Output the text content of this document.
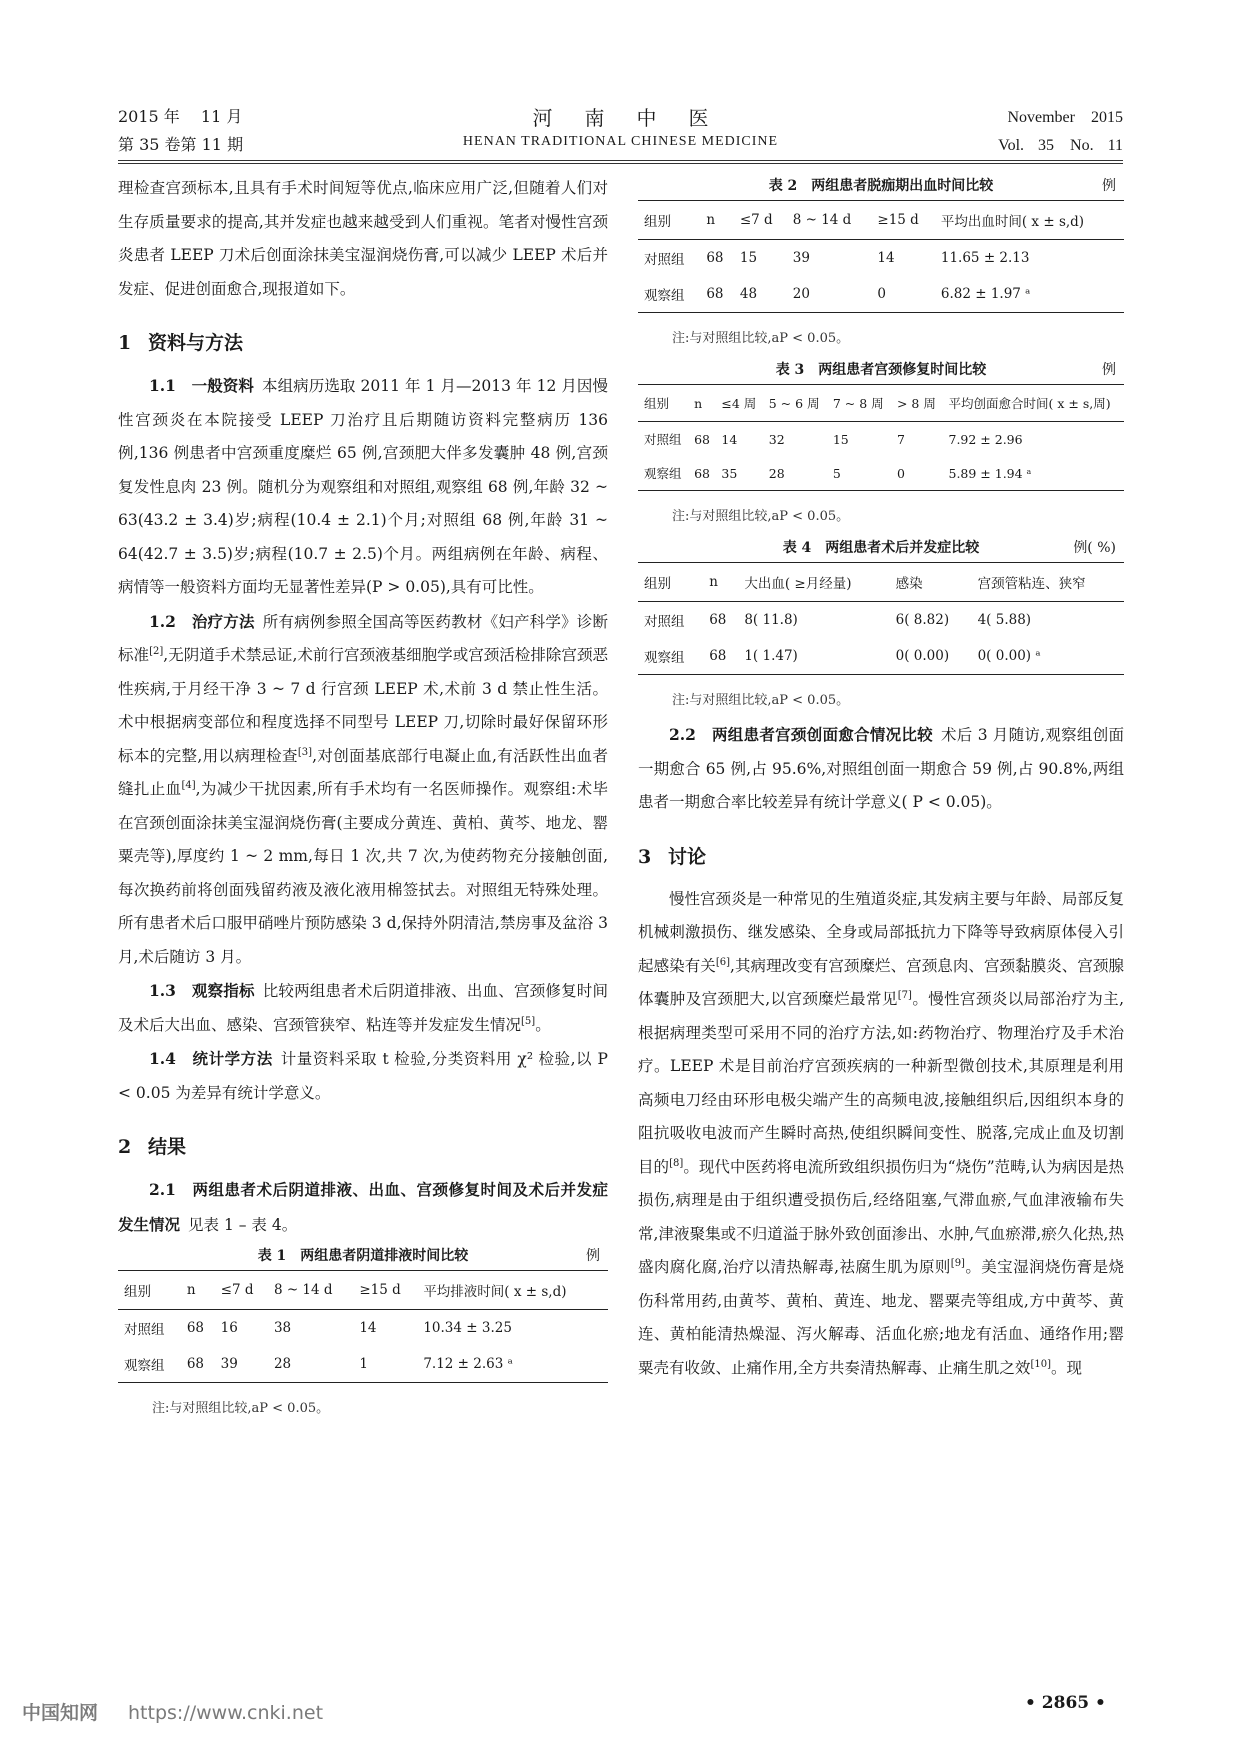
2015 年　 11 月
第 35 卷第 11 期
河南中医
HENAN TRADITIONAL CHINESE MEDICINE
November　2015
Vol. 35　No. 11

理检查宫颈标本,且具有手术时间短等优点,临床应用广泛,但随着人们对生存质量要求的提高,其并发症也越来越受到人们重视。笔者对慢性宫颈炎患者 LEEP 刀术后创面涂抹美宝湿润烧伤膏,可以减少 LEEP 术后并发症、促进创面愈合,现报道如下。

1 资料与方法

1.1　一般资料 本组病历选取 2011 年 1 月—2013 年 12 月因慢性宫颈炎在本院接受 LEEP 刀治疗且后期随访资料完整病历 136 例,136 例患者中宫颈重度糜烂 65 例,宫颈肥大伴多发囊肿 48 例,宫颈复发性息肉 23 例。随机分为观察组和对照组,观察组 68 例,年龄 32 ~ 63(43.2 ± 3.4)岁;病程(10.4 ± 2.1)个月;对照组 68 例,年龄 31 ~ 64(42.7 ± 3.5)岁;病程(10.7 ± 2.5)个月。两组病例在年龄、病程、病情等一般资料方面均无显著性差异(P > 0.05),具有可比性。

1.2　治疗方法 所有病例参照全国高等医药教材《妇产科学》诊断标准[2],无阴道手术禁忌证,术前行宫颈液基细胞学或宫颈活检排除宫颈恶性疾病,于月经干净 3 ~ 7 d 行宫颈 LEEP 术,术前 3 d 禁止性生活。术中根据病变部位和程度选择不同型号 LEEP 刀,切除时最好保留环形标本的完整,用以病理检查[3],对创面基底部行电凝止血,有活跃性出血者缝扎止血[4],为减少干扰因素,所有手术均有一名医师操作。观察组:术毕在宫颈创面涂抹美宝湿润烧伤膏(主要成分黄连、黄柏、黄芩、地龙、罂粟壳等),厚度约 1 ~ 2 mm,每日 1 次,共 7 次,为使药物充分接触创面,每次换药前将创面残留药液及液化液用棉签拭去。对照组无特殊处理。所有患者术后口服甲硝唑片预防感染 3 d,保持外阴清洁,禁房事及盆浴 3 月,术后随访 3 月。

1.3　观察指标 比较两组患者术后阴道排液、出血、宫颈修复时间及术后大出血、感染、宫颈管狭窄、粘连等并发症发生情况[5]。

1.4　统计学方法 计量资料采取 t 检验,分类资料用 χ² 检验,以 P < 0.05 为差异有统计学意义。

2 结果

2.1　两组患者术后阴道排液、出血、宫颈修复时间及术后并发症发生情况 见表 1 – 表 4。

表 1　两组患者阴道排液时间比较	例
组别	n	≤7 d	8 ~ 14 d	≥15 d	平均排液时间( x ± s,d)
对照组	68	16	38	14	10.34 ± 3.25
观察组	68	39	28	1	7.12 ± 2.63 ᵃ
注:与对照组比较,aP < 0.05。
表 2　两组患者脱痂期出血时间比较	例
组别	n	≤7 d	8 ~ 14 d	≥15 d	平均出血时间( x ± s,d)
对照组	68	15	39	14	11.65 ± 2.13
观察组	68	48	20	0	6.82 ± 1.97 ᵃ
注:与对照组比较,aP < 0.05。
表 3　两组患者宫颈修复时间比较	例
组别	n	≤4 周	5 ~ 6 周	7 ~ 8 周	> 8 周	平均创面愈合时间( x ± s,周)
对照组	68	14	32	15	7	7.92 ± 2.96
观察组	68	35	28	5	0	5.89 ± 1.94 ᵃ
注:与对照组比较,aP < 0.05。
表 4　两组患者术后并发症比较	例( %)
组别	n	大出血( ≥月经量)	感染	宫颈管粘连、狭窄
对照组	68	8( 11.8)	6( 8.82)	4( 5.88)
观察组	68	1( 1.47)	0( 0.00)	0( 0.00) ᵃ
注:与对照组比较,aP < 0.05。

2.2　两组患者宫颈创面愈合情况比较 术后 3 月随访,观察组创面一期愈合 65 例,占 95.6%,对照组创面一期愈合 59 例,占 90.8%,两组患者一期愈合率比较差异有统计学意义( P < 0.05)。

3 讨论

慢性宫颈炎是一种常见的生殖道炎症,其发病主要与年龄、局部反复机械刺激损伤、继发感染、全身或局部抵抗力下降等导致病原体侵入引起感染有关[6],其病理改变有宫颈糜烂、宫颈息肉、宫颈黏膜炎、宫颈腺体囊肿及宫颈肥大,以宫颈糜烂最常见[7]。慢性宫颈炎以局部治疗为主,根据病理类型可采用不同的治疗方法,如:药物治疗、物理治疗及手术治疗。LEEP 术是目前治疗宫颈疾病的一种新型微创技术,其原理是利用高频电刀经由环形电极尖端产生的高频电波,接触组织后,因组织本身的阻抗吸收电波而产生瞬时高热,使组织瞬间变性、脱落,完成止血及切割目的[8]。现代中医药将电流所致组织损伤归为“烧伤”范畴,认为病因是热损伤,病理是由于组织遭受损伤后,经络阻塞,气滞血瘀,气血津液输布失常,津液聚集或不归道溢于脉外致创面渗出、水肿,气血瘀滞,瘀久化热,热盛肉腐化腐,治疗以清热解毒,祛腐生肌为原则[9]。美宝湿润烧伤膏是烧伤科常用药,由黄芩、黄柏、黄连、地龙、罂粟壳等组成,方中黄芩、黄连、黄柏能清热燥湿、泻火解毒、活血化瘀;地龙有活血、通络作用;罂粟壳有收敛、止痛作用,全方共奏清热解毒、止痛生肌之效[10]。现

• 2865 •
中国知网 https://www.cnki.net
